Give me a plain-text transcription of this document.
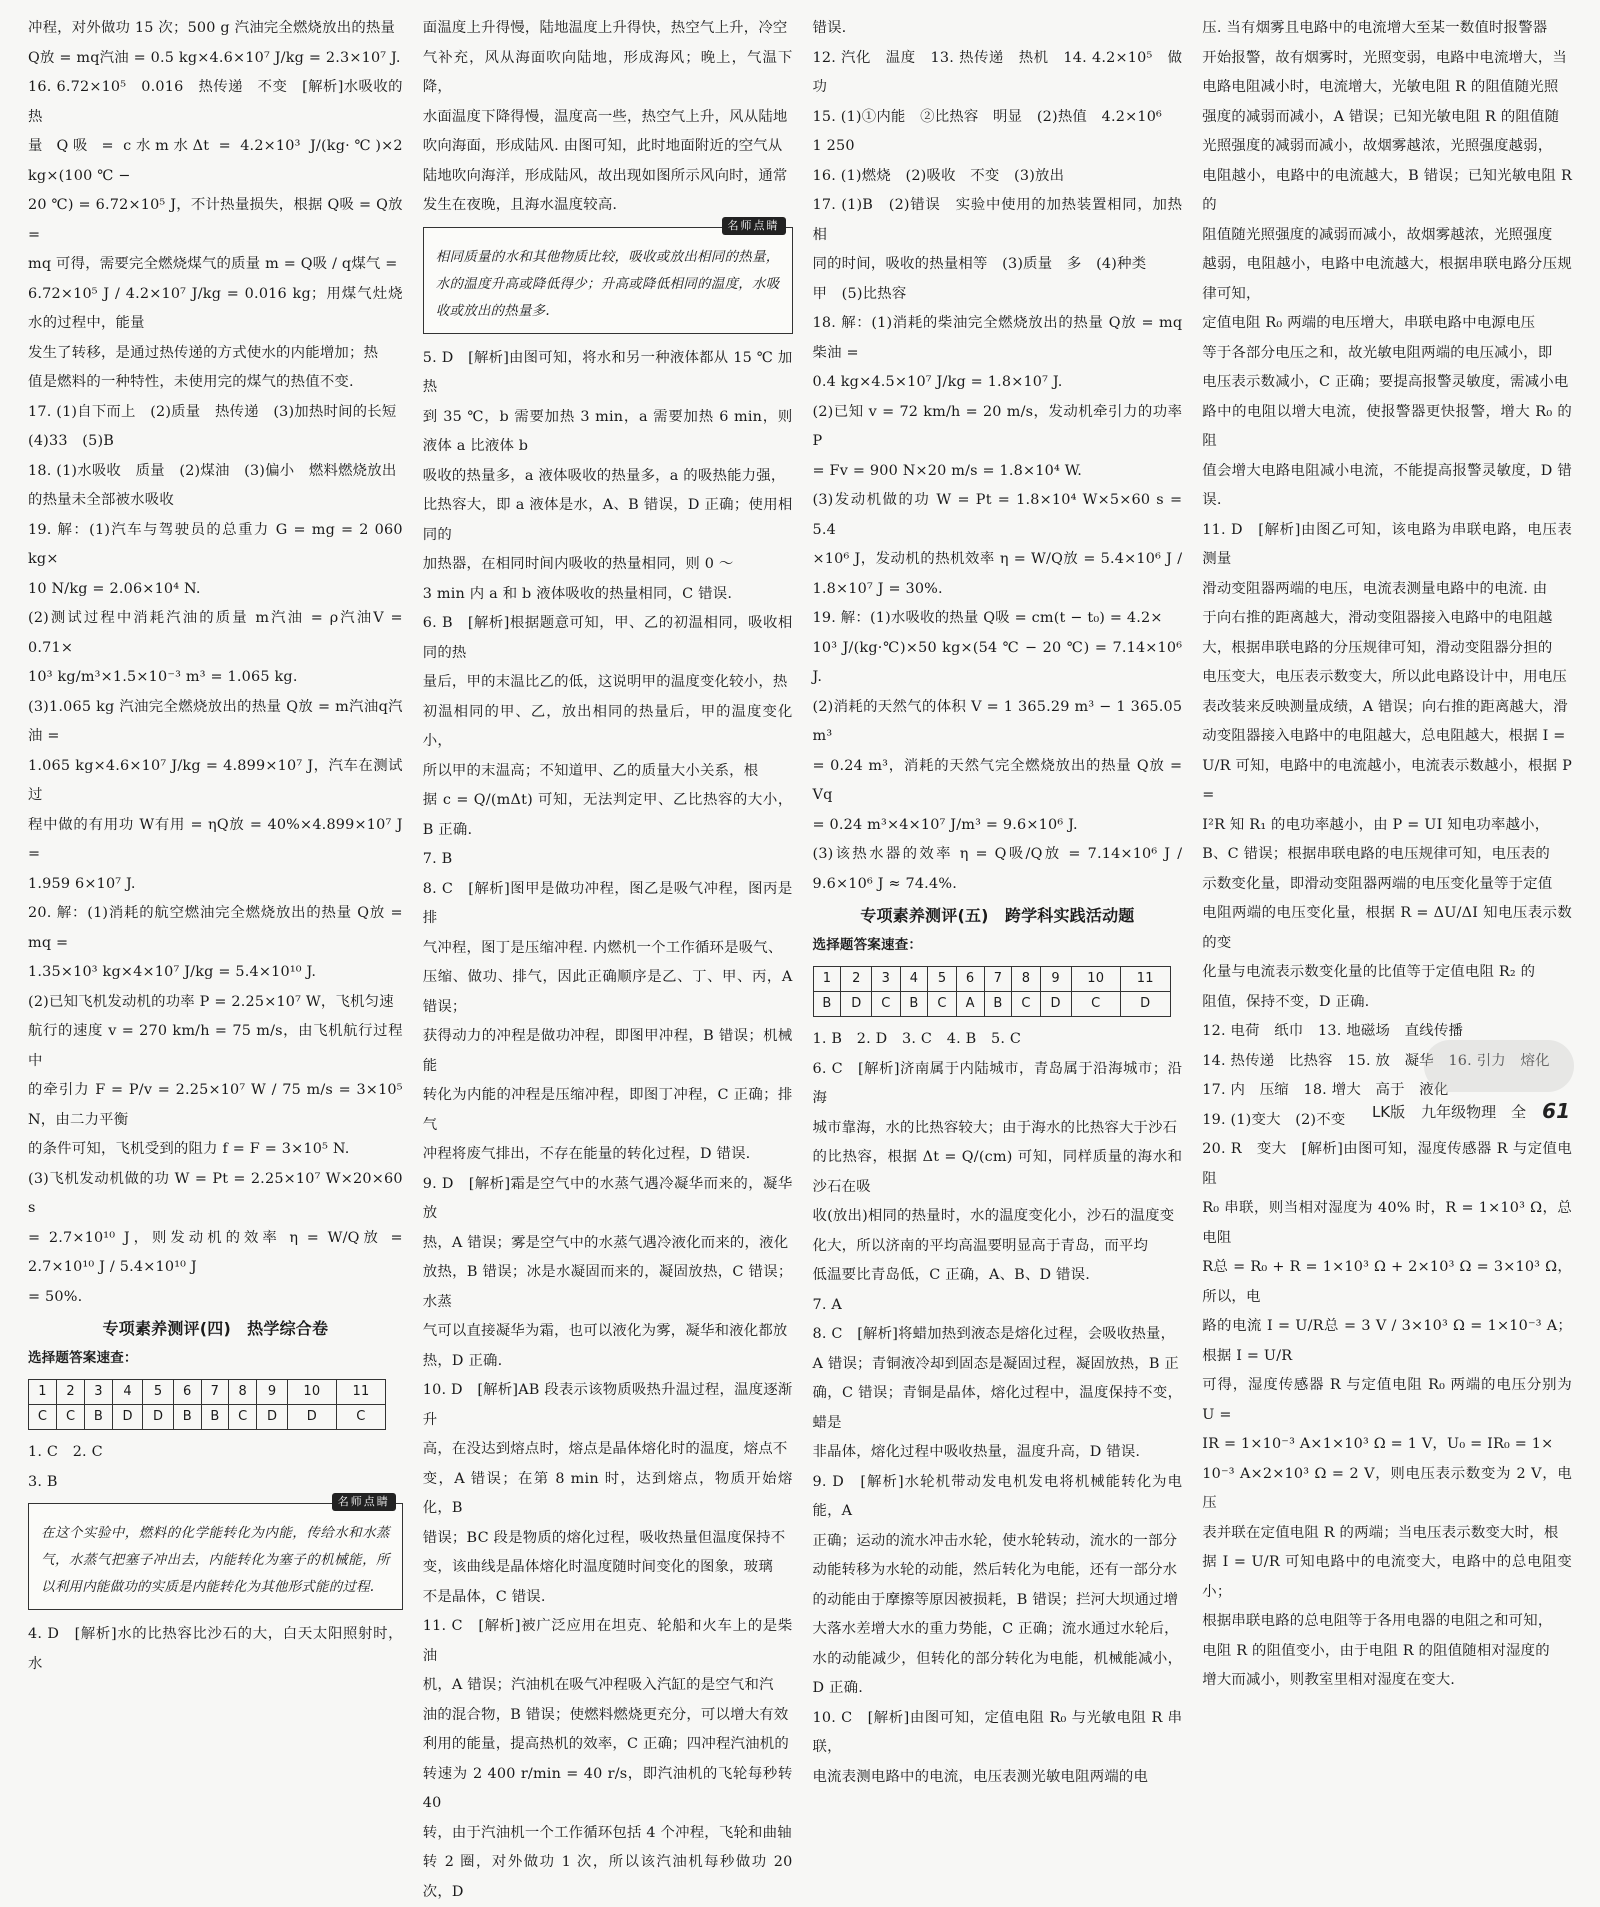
冲程，对外做功 15 次；500 g 汽油完全燃烧放出的热量

Q放 = mq汽油 = 0.5 kg×4.6×10⁷ J/kg = 2.3×10⁷ J.

16. 6.72×10⁵　0.016　热传递　不变　[解析]水吸收的热

量 Q吸 = c水m水Δt = 4.2×10³ J/(kg·℃)×2 kg×(100 ℃ −

20 ℃) = 6.72×10⁵ J，不计热量损失，根据 Q吸 = Q放 =

mq 可得，需要完全燃烧煤气的质量 m = Q吸 / q煤气 =

6.72×10⁵ J / 4.2×10⁷ J/kg = 0.016 kg；用煤气灶烧水的过程中，能量

发生了转移，是通过热传递的方式使水的内能增加；热

值是燃料的一种特性，未使用完的煤气的热值不变.

17. (1)自下而上　(2)质量　热传递　(3)加热时间的长短

(4)33　(5)B

18. (1)水吸收　质量　(2)煤油　(3)偏小　燃料燃烧放出

的热量未全部被水吸收

19. 解：(1)汽车与驾驶员的总重力 G = mg = 2 060 kg×

10 N/kg = 2.06×10⁴ N.

(2)测试过程中消耗汽油的质量 m汽油 = ρ汽油V = 0.71×

10³ kg/m³×1.5×10⁻³ m³ = 1.065 kg.

(3)1.065 kg 汽油完全燃烧放出的热量 Q放 = m汽油q汽油 =

1.065 kg×4.6×10⁷ J/kg = 4.899×10⁷ J，汽车在测试过

程中做的有用功 W有用 = ηQ放 = 40%×4.899×10⁷ J =

1.959 6×10⁷ J.

20. 解：(1)消耗的航空燃油完全燃烧放出的热量 Q放 = mq =

1.35×10³ kg×4×10⁷ J/kg = 5.4×10¹⁰ J.

(2)已知飞机发动机的功率 P = 2.25×10⁷ W，飞机匀速

航行的速度 v = 270 km/h = 75 m/s，由飞机航行过程中

的牵引力 F = P/v = 2.25×10⁷ W / 75 m/s = 3×10⁵ N，由二力平衡

的条件可知，飞机受到的阻力 f = F = 3×10⁵ N.

(3)飞机发动机做的功 W = Pt = 2.25×10⁷ W×20×60 s

= 2.7×10¹⁰ J，则发动机的效率 η = W/Q放 = 2.7×10¹⁰ J / 5.4×10¹⁰ J

= 50%.

专项素养测评(四)　热学综合卷
选择题答案速查：
1	2	3	4	5	6	7	8	9	10	11
C	C	B	D	D	B	B	C	D	D	C

1. C　2. C

3. B

名师点睛

在这个实验中，燃料的化学能转化为内能，传给水和水蒸气，水蒸气把塞子冲出去，内能转化为塞子的机械能，所以利用内能做功的实质是内能转化为其他形式能的过程.

4. D　[解析]水的比热容比沙石的大，白天太阳照射时，水

面温度上升得慢，陆地温度上升得快，热空气上升，冷空

气补充，风从海面吹向陆地，形成海风；晚上，气温下降，

水面温度下降得慢，温度高一些，热空气上升，风从陆地

吹向海面，形成陆风. 由图可知，此时地面附近的空气从

陆地吹向海洋，形成陆风，故出现如图所示风向时，通常

发生在夜晚，且海水温度较高.

名师点睛

相同质量的水和其他物质比较，吸收或放出相同的热量，水的温度升高或降低得少；升高或降低相同的温度，水吸收或放出的热量多.

5. D　[解析]由图可知，将水和另一种液体都从 15 ℃ 加热

到 35 ℃，b 需要加热 3 min，a 需要加热 6 min，则液体 a 比液体 b

吸收的热量多，a 液体吸收的热量多，a 的吸热能力强，

比热容大，即 a 液体是水，A、B 错误，D 正确；使用相同的

加热器，在相同时间内吸收的热量相同，则 0 ～

3 min 内 a 和 b 液体吸收的热量相同，C 错误.

6. B　[解析]根据题意可知，甲、乙的初温相同，吸收相同的热

量后，甲的末温比乙的低，这说明甲的温度变化较小，热

初温相同的甲、乙，放出相同的热量后，甲的温度变化小，

所以甲的末温高；不知道甲、乙的质量大小关系，根

据 c = Q/(mΔt) 可知，无法判定甲、乙比热容的大小，B 正确.

7. B

8. C　[解析]图甲是做功冲程，图乙是吸气冲程，图丙是排

气冲程，图丁是压缩冲程. 内燃机一个工作循环是吸气、

压缩、做功、排气，因此正确顺序是乙、丁、甲、丙，A 错误；

获得动力的冲程是做功冲程，即图甲冲程，B 错误；机械能

转化为内能的冲程是压缩冲程，即图丁冲程，C 正确；排气

冲程将废气排出，不存在能量的转化过程，D 错误.

9. D　[解析]霜是空气中的水蒸气遇冷凝华而来的，凝华放

热，A 错误；雾是空气中的水蒸气遇冷液化而来的，液化

放热，B 错误；冰是水凝固而来的，凝固放热，C 错误；水蒸

气可以直接凝华为霜，也可以液化为雾，凝华和液化都放

热，D 正确.

10. D　[解析]AB 段表示该物质吸热升温过程，温度逐渐升

高，在没达到熔点时，熔点是晶体熔化时的温度，熔点不

变，A 错误；在第 8 min 时，达到熔点，物质开始熔化，B

错误；BC 段是物质的熔化过程，吸收热量但温度保持不

变，该曲线是晶体熔化时温度随时间变化的图象，玻璃

不是晶体，C 错误.

11. C　[解析]被广泛应用在坦克、轮船和火车上的是柴油

机，A 错误；汽油机在吸气冲程吸入汽缸的是空气和汽

油的混合物，B 错误；使燃料燃烧更充分，可以增大有效

利用的能量，提高热机的效率，C 正确；四冲程汽油机的

转速为 2 400 r/min = 40 r/s，即汽油机的飞轮每秒转 40

转，由于汽油机一个工作循环包括 4 个冲程，飞轮和曲轴

转 2 圈，对外做功 1 次，所以该汽油机每秒做功 20 次，D

错误.

12. 汽化　温度　13. 热传递　热机　14. 4.2×10⁵　做功

15. (1)①内能　②比热容　明显　(2)热值　4.2×10⁶

1 250

16. (1)燃烧　(2)吸收　不变　(3)放出

17. (1)B　(2)错误　实验中使用的加热装置相同，加热相

同的时间，吸收的热量相等　(3)质量　多　(4)种类

甲　(5)比热容

18. 解：(1)消耗的柴油完全燃烧放出的热量 Q放 = mq柴油 =

0.4 kg×4.5×10⁷ J/kg = 1.8×10⁷ J.

(2)已知 v = 72 km/h = 20 m/s，发动机牵引力的功率 P

= Fv = 900 N×20 m/s = 1.8×10⁴ W.

(3)发动机做的功 W = Pt = 1.8×10⁴ W×5×60 s = 5.4

×10⁶ J，发动机的热机效率 η = W/Q放 = 5.4×10⁶ J / 1.8×10⁷ J = 30%.

19. 解：(1)水吸收的热量 Q吸 = cm(t − t₀) = 4.2×

10³ J/(kg·℃)×50 kg×(54 ℃ − 20 ℃) = 7.14×10⁶ J.

(2)消耗的天然气的体积 V = 1 365.29 m³ − 1 365.05 m³

= 0.24 m³，消耗的天然气完全燃烧放出的热量 Q放 = Vq

= 0.24 m³×4×10⁷ J/m³ = 9.6×10⁶ J.

(3)该热水器的效率 η = Q吸/Q放 = 7.14×10⁶ J / 9.6×10⁶ J ≈ 74.4%.

专项素养测评(五)　跨学科实践活动题
选择题答案速查：
1	2	3	4	5	6	7	8	9	10	11
B	D	C	B	C	A	B	C	D	C	D

1. B　2. D　3. C　4. B　5. C

6. C　[解析]济南属于内陆城市，青岛属于沿海城市；沿海

城市靠海，水的比热容较大；由于海水的比热容大于沙石

的比热容，根据 Δt = Q/(cm) 可知，同样质量的海水和沙石在吸

收(放出)相同的热量时，水的温度变化小，沙石的温度变

化大，所以济南的平均高温要明显高于青岛，而平均

低温要比青岛低，C 正确，A、B、D 错误.

7. A

8. C　[解析]将蜡加热到液态是熔化过程，会吸收热量，

A 错误；青铜液冷却到固态是凝固过程，凝固放热，B 正

确，C 错误；青铜是晶体，熔化过程中，温度保持不变，蜡是

非晶体，熔化过程中吸收热量，温度升高，D 错误.

9. D　[解析]水轮机带动发电机发电将机械能转化为电能，A

正确；运动的流水冲击水轮，使水轮转动，流水的一部分

动能转移为水轮的动能，然后转化为电能，还有一部分水

的动能由于摩擦等原因被损耗，B 错误；拦河大坝通过增

大落水差增大水的重力势能，C 正确；流水通过水轮后，

水的动能减少，但转化的部分转化为电能，机械能减小，D 正确.

10. C　[解析]由图可知，定值电阻 R₀ 与光敏电阻 R 串联，

电流表测电路中的电流，电压表测光敏电阻两端的电

压. 当有烟雾且电路中的电流增大至某一数值时报警器

开始报警，故有烟雾时，光照变弱，电路中电流增大，当

电路电阻减小时，电流增大，光敏电阻 R 的阻值随光照

强度的减弱而减小，A 错误；已知光敏电阻 R 的阻值随

光照强度的减弱而减小，故烟雾越浓，光照强度越弱，

电阻越小，电路中的电流越大，B 错误；已知光敏电阻 R 的

阻值随光照强度的减弱而减小，故烟雾越浓，光照强度

越弱，电阻越小，电路中电流越大，根据串联电路分压规律可知，

定值电阻 R₀ 两端的电压增大，串联电路中电源电压

等于各部分电压之和，故光敏电阻两端的电压减小，即

电压表示数减小，C 正确；要提高报警灵敏度，需减小电

路中的电阻以增大电流，使报警器更快报警，增大 R₀ 的阻

值会增大电路电阻减小电流，不能提高报警灵敏度，D 错误.

11. D　[解析]由图乙可知，该电路为串联电路，电压表测量

滑动变阻器两端的电压，电流表测量电路中的电流. 由

于向右推的距离越大，滑动变阻器接入电路中的电阻越

大，根据串联电路的分压规律可知，滑动变阻器分担的

电压变大，电压表示数变大，所以此电路设计中，用电压

表改装来反映测量成绩，A 错误；向右推的距离越大，滑

动变阻器接入电路中的电阻越大，总电阻越大，根据 I =

U/R 可知，电路中的电流越小，电流表示数越小，根据 P =

I²R 知 R₁ 的电功率越小，由 P = UI 知电功率越小，

B、C 错误；根据串联电路的电压规律可知，电压表的

示数变化量，即滑动变阻器两端的电压变化量等于定值

电阻两端的电压变化量，根据 R = ΔU/ΔI 知电压表示数的变

化量与电流表示数变化量的比值等于定值电阻 R₂ 的

阻值，保持不变，D 正确.

12. 电荷　纸巾　13. 地磁场　直线传播

14. 热传递　比热容　15. 放　凝华　16. 引力　熔化

17. 内　压缩　18. 增大　高于　液化

19. (1)变大　(2)不变

20. R　变大　[解析]由图可知，湿度传感器 R 与定值电阻

R₀ 串联，则当相对湿度为 40% 时，R = 1×10³ Ω，总电阻

R总 = R₀ + R = 1×10³ Ω + 2×10³ Ω = 3×10³ Ω，所以，电

路的电流 I = U/R总 = 3 V / 3×10³ Ω = 1×10⁻³ A；根据 I = U/R

可得，湿度传感器 R 与定值电阻 R₀ 两端的电压分别为 U =

IR = 1×10⁻³ A×1×10³ Ω = 1 V，U₀ = IR₀ = 1×

10⁻³ A×2×10³ Ω = 2 V，则电压表示数变为 2 V，电压

表并联在定值电阻 R 的两端；当电压表示数变大时，根

据 I = U/R 可知电路中的电流变大，电路中的总电阻变小；

根据串联电路的总电阻等于各用电器的电阻之和可知，

电阻 R 的阻值变小，由于电阻 R 的阻值随相对湿度的

增大而减小，则教室里相对湿度在变大.

LK版 九年级物理　全 61
